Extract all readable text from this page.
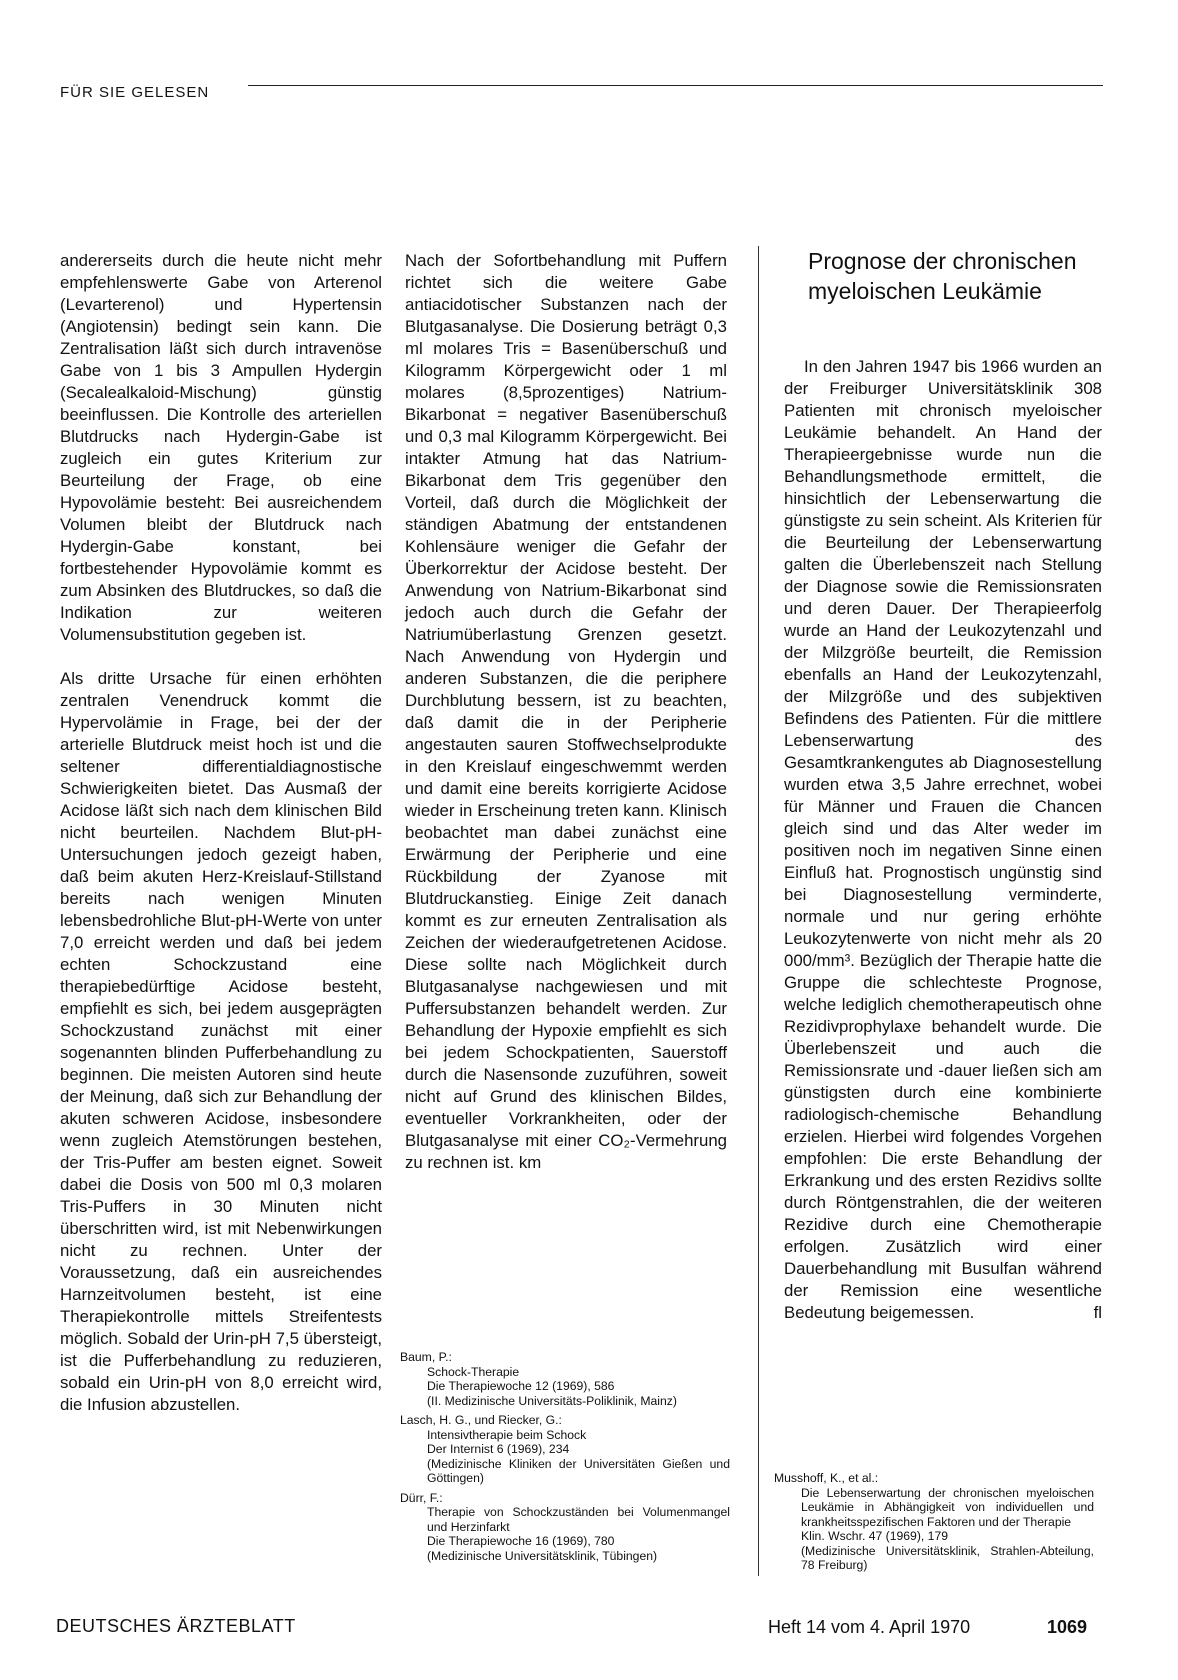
FÜR SIE GELESEN

andererseits durch die heute nicht mehr empfehlenswerte Gabe von Arterenol (Levarterenol) und Hypertensin (Angiotensin) bedingt sein kann. Die Zentralisation läßt sich durch intravenöse Gabe von 1 bis 3 Ampullen Hydergin (Secalealkaloid-Mischung) günstig beeinflussen. Die Kontrolle des arteriellen Blutdrucks nach Hydergin-Gabe ist zugleich ein gutes Kriterium zur Beurteilung der Frage, ob eine Hypovolämie besteht: Bei ausreichendem Volumen bleibt der Blutdruck nach Hydergin-Gabe konstant, bei fortbestehender Hypovolämie kommt es zum Absinken des Blutdruckes, so daß die Indikation zur weiteren Volumensubstitution gegeben ist.

Als dritte Ursache für einen erhöhten zentralen Venendruck kommt die Hypervolämie in Frage, bei der der arterielle Blutdruck meist hoch ist und die seltener differentialdiagnostische Schwierigkeiten bietet. Das Ausmaß der Acidose läßt sich nach dem klinischen Bild nicht beurteilen. Nachdem Blut-pH-Untersuchungen jedoch gezeigt haben, daß beim akuten Herz-Kreislauf-Stillstand bereits nach wenigen Minuten lebensbedrohliche Blut-pH-Werte von unter 7,0 erreicht werden und daß bei jedem echten Schockzustand eine therapiebedürftige Acidose besteht, empfiehlt es sich, bei jedem ausgeprägten Schockzustand zunächst mit einer sogenannten blinden Pufferbehandlung zu beginnen. Die meisten Autoren sind heute der Meinung, daß sich zur Behandlung der akuten schweren Acidose, insbesondere wenn zugleich Atemstörungen bestehen, der Tris-Puffer am besten eignet. Soweit dabei die Dosis von 500 ml 0,3 molaren Tris-Puffers in 30 Minuten nicht überschritten wird, ist mit Nebenwirkungen nicht zu rechnen. Unter der Voraussetzung, daß ein ausreichendes Harnzeitvolumen besteht, ist eine Therapiekontrolle mittels Streifentests möglich. Sobald der Urin-pH 7,5 übersteigt, ist die Pufferbehandlung zu reduzieren, sobald ein Urin-pH von 8,0 erreicht wird, die Infusion abzustellen.

Nach der Sofortbehandlung mit Puffern richtet sich die weitere Gabe antiacidotischer Substanzen nach der Blutgasanalyse. Die Dosierung beträgt 0,3 ml molares Tris = Basenüberschuß und Kilogramm Körpergewicht oder 1 ml molares (8,5prozentiges) Natrium-Bikarbonat = negativer Basenüberschuß und 0,3 mal Kilogramm Körpergewicht. Bei intakter Atmung hat das Natrium-Bikarbonat dem Tris gegenüber den Vorteil, daß durch die Möglichkeit der ständigen Abatmung der entstandenen Kohlensäure weniger die Gefahr der Überkorrektur der Acidose besteht. Der Anwendung von Natrium-Bikarbonat sind jedoch auch durch die Gefahr der Natriumüberlastung Grenzen gesetzt. Nach Anwendung von Hydergin und anderen Substanzen, die die periphere Durchblutung bessern, ist zu beachten, daß damit die in der Peripherie angestauten sauren Stoffwechselprodukte in den Kreislauf eingeschwemmt werden und damit eine bereits korrigierte Acidose wieder in Erscheinung treten kann. Klinisch beobachtet man dabei zunächst eine Erwärmung der Peripherie und eine Rückbildung der Zyanose mit Blutdruckanstieg. Einige Zeit danach kommt es zur erneuten Zentralisation als Zeichen der wiederaufgetretenen Acidose. Diese sollte nach Möglichkeit durch Blutgasanalyse nachgewiesen und mit Puffersubstanzen behandelt werden. Zur Behandlung der Hypoxie empfiehlt es sich bei jedem Schockpatienten, Sauerstoff durch die Nasensonde zuzuführen, soweit nicht auf Grund des klinischen Bildes, eventueller Vorkrankheiten, oder der Blutgasanalyse mit einer CO₂-Vermehrung zu rechnen ist. km

Baum, P.:
Schock-Therapie
Die Therapiewoche 12 (1969), 586
(II. Medizinische Universitäts-Poliklinik, Mainz)
Lasch, H. G., und Riecker, G.:
Intensivtherapie beim Schock
Der Internist 6 (1969), 234
(Medizinische Kliniken der Universitäten Gießen und Göttingen)
Dürr, F.:
Therapie von Schockzuständen bei Volumenmangel und Herzinfarkt
Die Therapiewoche 16 (1969), 780
(Medizinische Universitätsklinik, Tübingen)
Prognose der chronischen myeloischen Leukämie

In den Jahren 1947 bis 1966 wurden an der Freiburger Universitätsklinik 308 Patienten mit chronisch myeloischer Leukämie behandelt. An Hand der Therapieergebnisse wurde nun die Behandlungsmethode ermittelt, die hinsichtlich der Lebenserwartung die günstigste zu sein scheint. Als Kriterien für die Beurteilung der Lebenserwartung galten die Überlebenszeit nach Stellung der Diagnose sowie die Remissionsraten und deren Dauer. Der Therapieerfolg wurde an Hand der Leukozytenzahl und der Milzgröße beurteilt, die Remission ebenfalls an Hand der Leukozytenzahl, der Milzgröße und des subjektiven Befindens des Patienten. Für die mittlere Lebenserwartung des Gesamtkrankengutes ab Diagnosestellung wurden etwa 3,5 Jahre errechnet, wobei für Männer und Frauen die Chancen gleich sind und das Alter weder im positiven noch im negativen Sinne einen Einfluß hat. Prognostisch ungünstig sind bei Diagnosestellung verminderte, normale und nur gering erhöhte Leukozytenwerte von nicht mehr als 20 000/mm³. Bezüglich der Therapie hatte die Gruppe die schlechteste Prognose, welche lediglich chemotherapeutisch ohne Rezidivprophylaxe behandelt wurde. Die Überlebenszeit und auch die Remissionsrate und -dauer ließen sich am günstigsten durch eine kombinierte radiologisch-chemische Behandlung erzielen. Hierbei wird folgendes Vorgehen empfohlen: Die erste Behandlung der Erkrankung und des ersten Rezidivs sollte durch Röntgenstrahlen, die der weiteren Rezidive durch eine Chemotherapie erfolgen. Zusätzlich wird einer Dauerbehandlung mit Busulfan während der Remission eine wesentliche Bedeutung beigemessen.	fl

Musshoff, K., et al.:
Die Lebenserwartung der chronischen myeloischen Leukämie in Abhängigkeit von individuellen und krankheitsspezifischen Faktoren und der Therapie
Klin. Wschr. 47 (1969), 179
(Medizinische Universitätsklinik, Strahlen-Abteilung, 78 Freiburg)
DEUTSCHES ÄRZTEBLATT	Heft 14 vom 4. April 1970	1069
